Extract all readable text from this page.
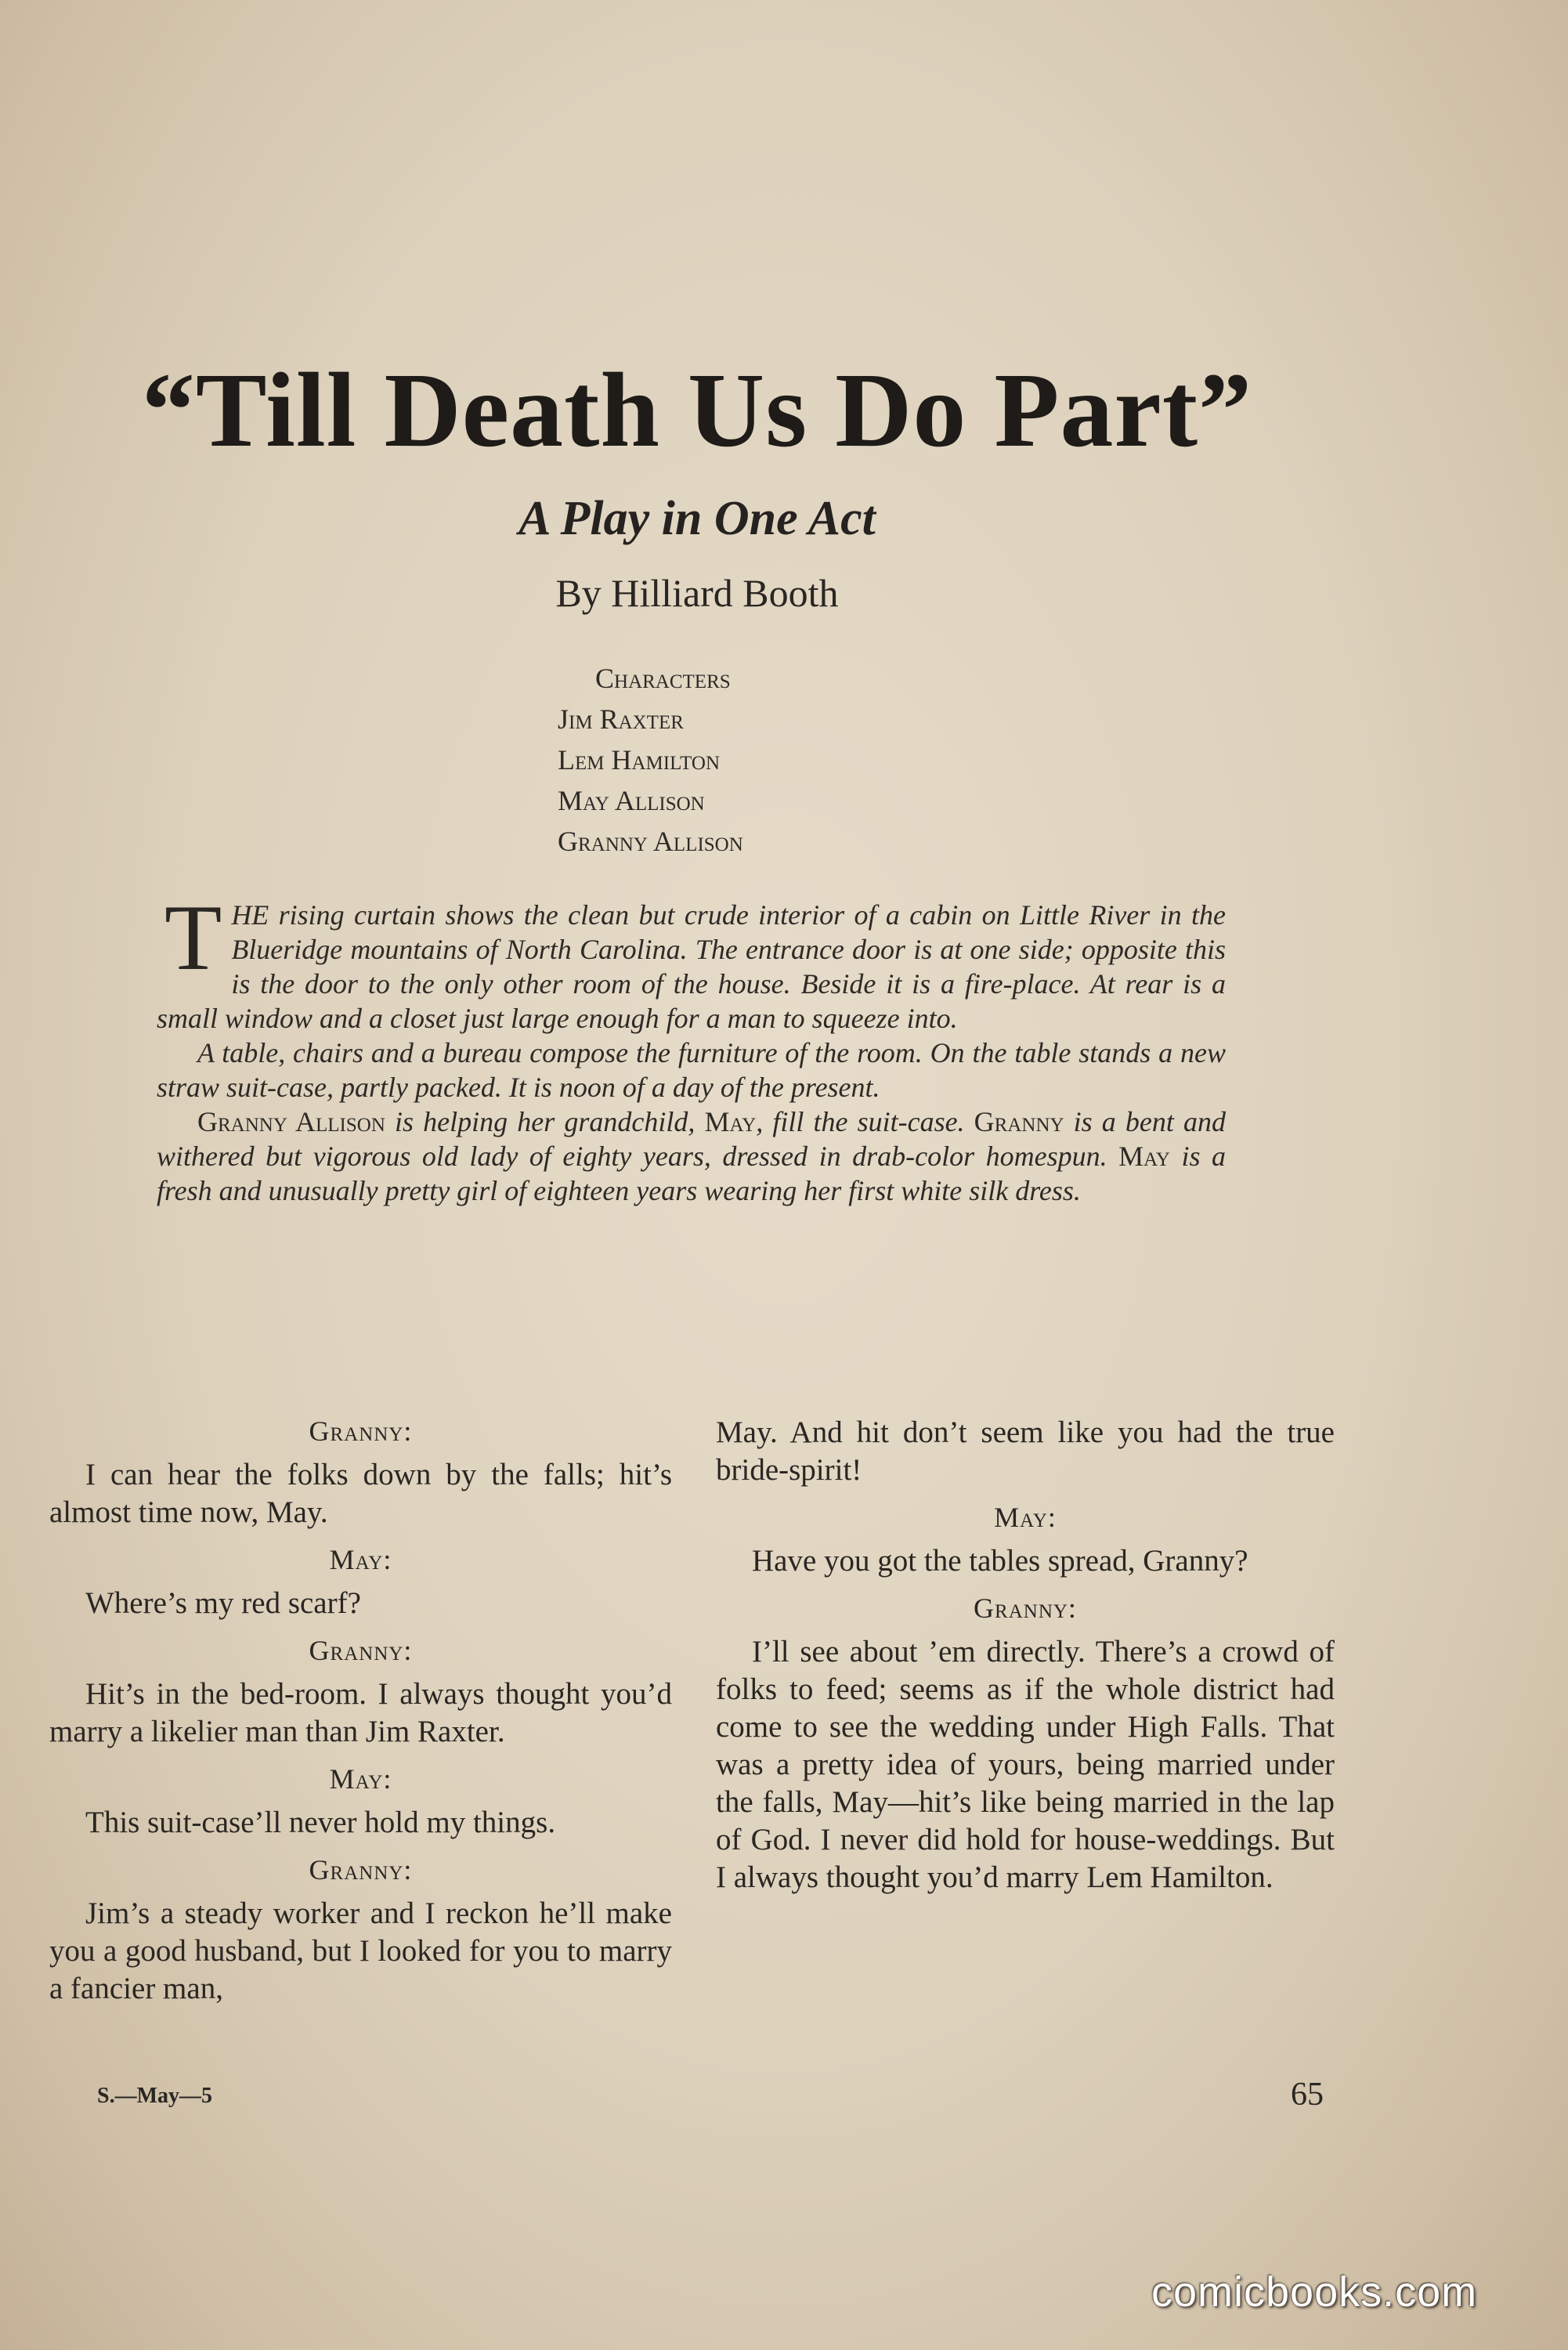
“Till Death Us Do Part”
A Play in One Act
By Hilliard Booth
Characters
Jim Raxter
Lem Hamilton
May Allison
Granny Allison

THE rising curtain shows the clean but crude interior of a cabin on Little River in the Blueridge mountains of North Carolina. The entrance door is at one side; opposite this is the door to the only other room of the house. Beside it is a fire-place. At rear is a small window and a closet just large enough for a man to squeeze into.

A table, chairs and a bureau compose the furniture of the room. On the table stands a new straw suit-case, partly packed. It is noon of a day of the present.

Granny Allison is helping her grandchild, May, fill the suit-case. Granny is a bent and withered but vigorous old lady of eighty years, dressed in drab-color homespun. May is a fresh and unusually pretty girl of eighteen years wearing her first white silk dress.

Granny:

I can hear the folks down by the falls; hit’s almost time now, May.

May:

Where’s my red scarf?

Granny:

Hit’s in the bed-room. I always thought you’d marry a likelier man than Jim Raxter.

May:

This suit-case’ll never hold my things.

Granny:

Jim’s a steady worker and I reckon he’ll make you a good husband, but I looked for you to marry a fancier man,

May. And hit don’t seem like you had the true bride-spirit!

May:

Have you got the tables spread, Granny?

Granny:

I’ll see about ’em directly. There’s a crowd of folks to feed; seems as if the whole district had come to see the wedding under High Falls. That was a pretty idea of yours, being married under the falls, May—hit’s like being married in the lap of God. I never did hold for house-weddings. But I always thought you’d marry Lem Hamilton.

S.—May—5	65
comicbooks.com
